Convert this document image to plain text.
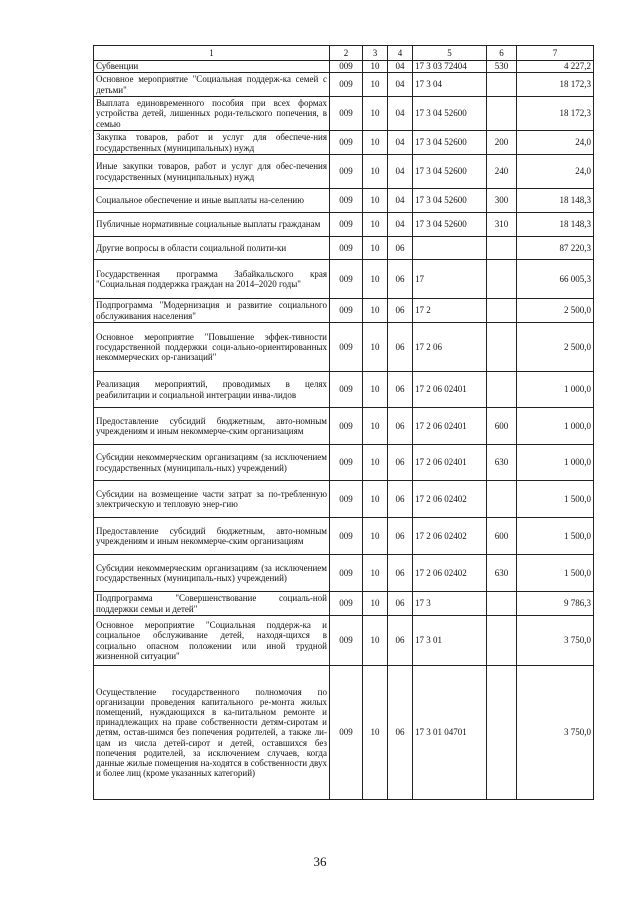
1	2	3	4	5	6	7
Субвенции	009	10	04	17 3 03 72404	530	4 227,2
Основное мероприятие "Социальная поддерж-ка семей с детьми"	009	10	04	17 3 04		18 172,3
Выплата единовременного пособия при всех формах устройства детей, лишенных роди-тельского попечения, в семью	009	10	04	17 3 04 52600		18 172,3
Закупка товаров, работ и услуг для обеспече-ния государственных (муниципальных) нужд	009	10	04	17 3 04 52600	200	24,0
Иные закупки товаров, работ и услуг для обес-печения государственных (муниципальных) нужд	009	10	04	17 3 04 52600	240	24,0
Социальное обеспечение и иные выплаты на-селению	009	10	04	17 3 04 52600	300	18 148,3
Публичные нормативные социальные выплаты гражданам	009	10	04	17 3 04 52600	310	18 148,3
Другие вопросы в области социальной полити-ки	009	10	06			87 220,3
Государственная программа Забайкальского края "Социальная поддержка граждан на 2014–2020 годы"	009	10	06	17		66 005,3
Подпрограмма "Модернизация и развитие социального обслуживания населения"	009	10	06	17 2		2 500,0
Основное мероприятие "Повышение эффек-тивности государственной поддержки соци-ально-ориентированных некоммерческих ор-ганизаций"	009	10	06	17 2 06		2 500,0
Реализация мероприятий, проводимых в целях реабилитации и социальной интеграции инва-лидов	009	10	06	17 2 06 02401		1 000,0
Предоставление субсидий бюджетным, авто-номным учреждениям и иным некоммерче-ским организациям	009	10	06	17 2 06 02401	600	1 000,0
Субсидии некоммерческим организациям (за исключением государственных (муниципаль-ных) учреждений)	009	10	06	17 2 06 02401	630	1 000,0
Субсидии на возмещение части затрат за по-требленную электрическую и тепловую энер-гию	009	10	06	17 2 06 02402		1 500,0
Предоставление субсидий бюджетным, авто-номным учреждениям и иным некоммерче-ским организациям	009	10	06	17 2 06 02402	600	1 500,0
Субсидии некоммерческим организациям (за исключением государственных (муниципаль-ных) учреждений)	009	10	06	17 2 06 02402	630	1 500,0
Подпрограмма "Совершенствование социаль-ной поддержки семьи и детей"	009	10	06	17 3		9 786,3
Основное мероприятие "Социальная поддерж-ка и социальное обслуживание детей, находя-щихся в социально опасном положении или иной трудной жизненной ситуации"	009	10	06	17 3 01		3 750,0
Осуществление государственного полномочия по организации проведения капитального ре-монта жилых помещений, нуждающихся в ка-питальном ремонте и принадлежащих на праве собственности детям-сиротам и детям, остав-шимся без попечения родителей, а также ли-цам из числа детей-сирот и детей, оставшихся без попечения родителей, за исключением случаев, когда данные жилые помещения на-ходятся в собственности двух и более лиц (кроме указанных категорий)	009	10	06	17 3 01 04701		3 750,0
36
